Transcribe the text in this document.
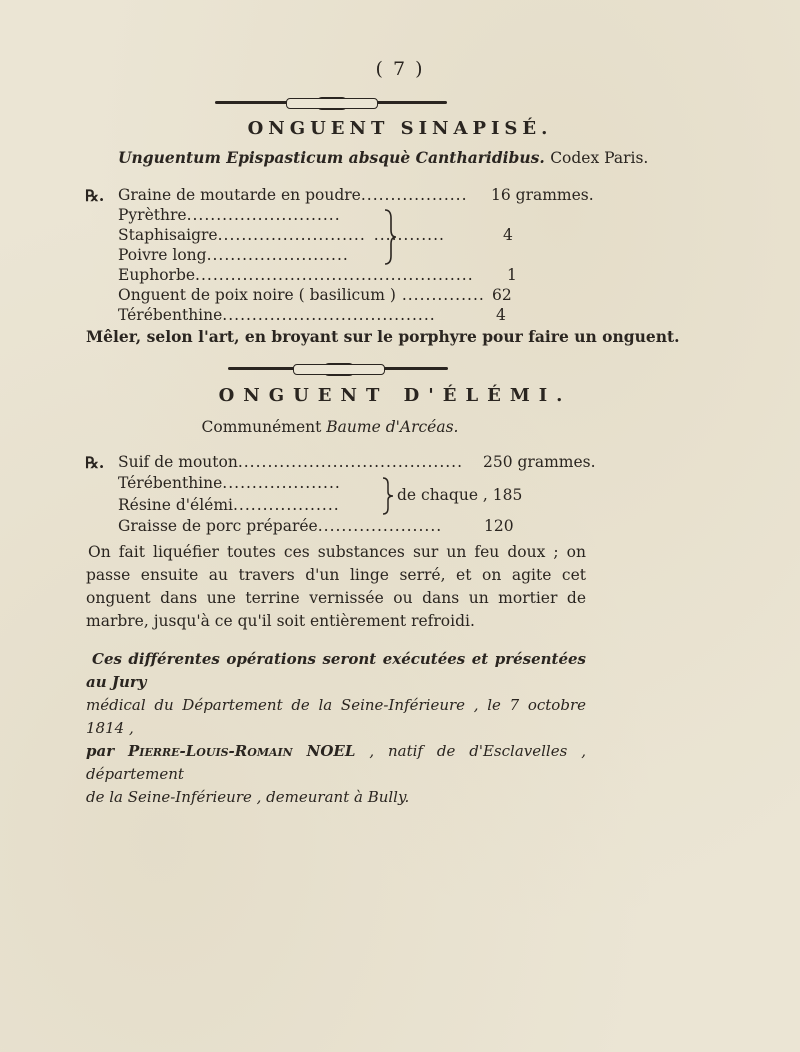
( 7 )
ONGUENT SINAPISÉ.
Unguentum Epispasticum absquè Cantharidibus. Codex Paris.
℞. Graine de moutarde en poudre.................. 16 grammes.
Pyrèthre..........................
Staphisaigre......................... ............	4
Poivre long........................
Euphorbe............................................... 1
Onguent de poix noire ( basilicum ) .............. 62
Térébenthine....................................	4
Mêler, selon l'art, en broyant sur le porphyre pour faire un onguent.
ONGUENT D'ÉLÉMI.
Communément Baume d'Arcéas.
℞. Suif de mouton...................................... 250 grammes.
Térébenthine....................
Résine d'élémi..................
de chaque , 185
Graisse de porc préparée.....................	120
On fait liquéfier toutes ces substances sur un feu doux ; on passe ensuite au travers d'un linge serré, et on agite cet onguent dans une terrine vernissée ou dans un mortier de marbre, jusqu'à ce qu'il soit entièrement refroidi.
Ces différentes opérations seront exécutées et présentées au Jury
médical du Département de la Seine-Inférieure , le 7 octobre 1814 ,
par Pierre-Louis-Romain NOEL , natif de d'Esclavelles , département
de la Seine-Inférieure , demeurant à Bully.
